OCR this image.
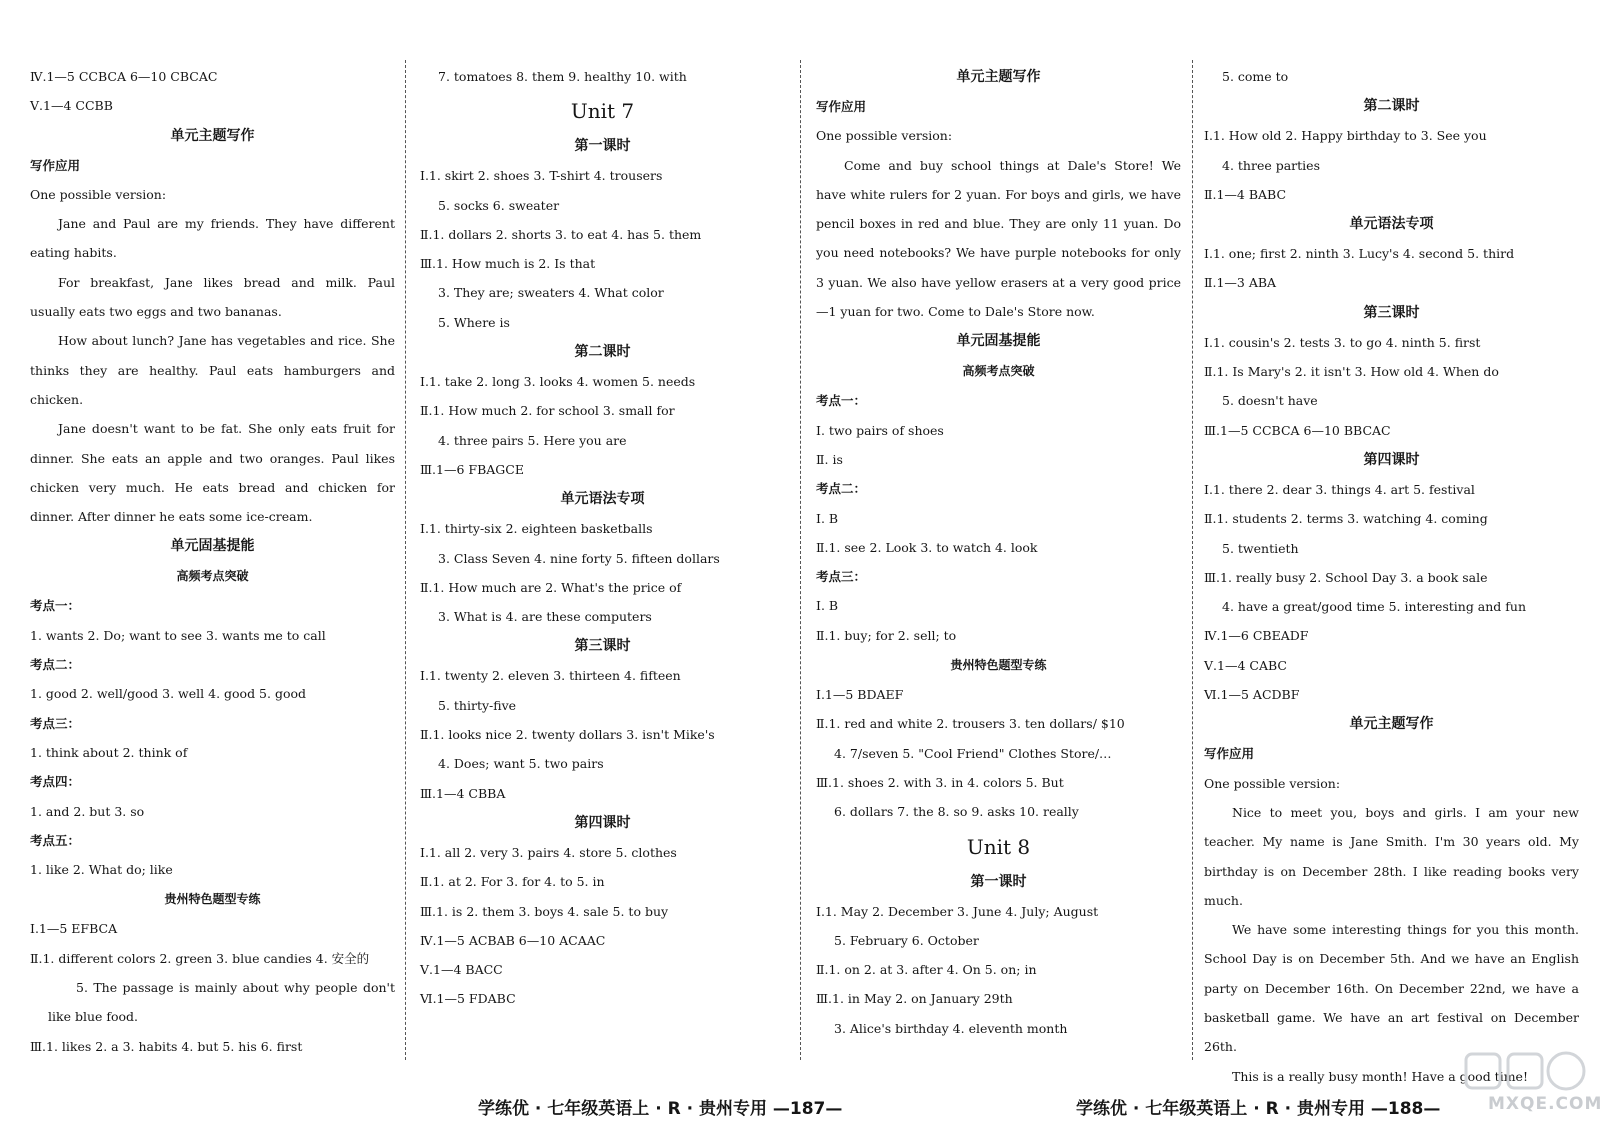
Ⅳ.1—5 CCBCA 6—10 CBCAC
Ⅴ.1—4 CCBB
单元主题写作
写作应用
One possible version:
Jane and Paul are my friends. They have different eating habits.
For breakfast, Jane likes bread and milk. Paul usually eats two eggs and two bananas.
How about lunch? Jane has vegetables and rice. She thinks they are healthy. Paul eats hamburgers and chicken.
Jane doesn't want to be fat. She only eats fruit for dinner. She eats an apple and two oranges. Paul likes chicken very much. He eats bread and chicken for dinner. After dinner he eats some ice-cream.
单元固基提能
高频考点突破
考点一：
1. wants 2. Do; want to see 3. wants me to call
考点二：
1. good 2. well/good 3. well 4. good 5. good
考点三：
1. think about 2. think of
考点四：
1. and 2. but 3. so
考点五：
1. like 2. What do; like
贵州特色题型专练
Ⅰ.1—5 EFBCA
Ⅱ.1. different colors 2. green 3. blue candies 4. 安全的
5. The passage is mainly about why people don't like blue food.
Ⅲ.1. likes 2. a 3. habits 4. but 5. his 6. first
7. tomatoes 8. them 9. healthy 10. with
Unit 7
第一课时
Ⅰ.1. skirt 2. shoes 3. T-shirt 4. trousers
5. socks 6. sweater
Ⅱ.1. dollars 2. shorts 3. to eat 4. has 5. them
Ⅲ.1. How much is 2. Is that
3. They are; sweaters 4. What color
5. Where is
第二课时
Ⅰ.1. take 2. long 3. looks 4. women 5. needs
Ⅱ.1. How much 2. for school 3. small for
4. three pairs 5. Here you are
Ⅲ.1—6 FBAGCE
单元语法专项
Ⅰ.1. thirty-six 2. eighteen basketballs
3. Class Seven 4. nine forty 5. fifteen dollars
Ⅱ.1. How much are 2. What's the price of
3. What is 4. are these computers
第三课时
Ⅰ.1. twenty 2. eleven 3. thirteen 4. fifteen
5. thirty-five
Ⅱ.1. looks nice 2. twenty dollars 3. isn't Mike's
4. Does; want 5. two pairs
Ⅲ.1—4 CBBA
第四课时
Ⅰ.1. all 2. very 3. pairs 4. store 5. clothes
Ⅱ.1. at 2. For 3. for 4. to 5. in
Ⅲ.1. is 2. them 3. boys 4. sale 5. to buy
Ⅳ.1—5 ACBAB 6—10 ACAAC
Ⅴ.1—4 BACC
Ⅵ.1—5 FDABC
单元主题写作
写作应用
One possible version:
Come and buy school things at Dale's Store! We have white rulers for 2 yuan. For boys and girls, we have pencil boxes in red and blue. They are only 11 yuan. Do you need notebooks? We have purple notebooks for only 3 yuan. We also have yellow erasers at a very good price—1 yuan for two. Come to Dale's Store now.
单元固基提能
高频考点突破
考点一：
Ⅰ. two pairs of shoes
Ⅱ. is
考点二：
Ⅰ. B
Ⅱ.1. see 2. Look 3. to watch 4. look
考点三：
Ⅰ. B
Ⅱ.1. buy; for 2. sell; to
贵州特色题型专练
Ⅰ.1—5 BDAEF
Ⅱ.1. red and white 2. trousers 3. ten dollars/ $10
4. 7/seven 5. "Cool Friend" Clothes Store/…
Ⅲ.1. shoes 2. with 3. in 4. colors 5. But
6. dollars 7. the 8. so 9. asks 10. really
Unit 8
第一课时
Ⅰ.1. May 2. December 3. June 4. July; August
5. February 6. October
Ⅱ.1. on 2. at 3. after 4. On 5. on; in
Ⅲ.1. in May 2. on January 29th
3. Alice's birthday 4. eleventh month
5. come to
第二课时
Ⅰ.1. How old 2. Happy birthday to 3. See you
4. three parties
Ⅱ.1—4 BABC
单元语法专项
Ⅰ.1. one; first 2. ninth 3. Lucy's 4. second 5. third
Ⅱ.1—3 ABA
第三课时
Ⅰ.1. cousin's 2. tests 3. to go 4. ninth 5. first
Ⅱ.1. Is Mary's 2. it isn't 3. How old 4. When do
5. doesn't have
Ⅲ.1—5 CCBCA 6—10 BBCAC
第四课时
Ⅰ.1. there 2. dear 3. things 4. art 5. festival
Ⅱ.1. students 2. terms 3. watching 4. coming
5. twentieth
Ⅲ.1. really busy 2. School Day 3. a book sale
4. have a great/good time 5. interesting and fun
Ⅳ.1—6 CBEADF
Ⅴ.1—4 CABC
Ⅵ.1—5 ACDBF
单元主题写作
写作应用
One possible version:
Nice to meet you, boys and girls. I am your new teacher. My name is Jane Smith. I'm 30 years old. My birthday is on December 28th. I like reading books very much.
We have some interesting things for you this month. School Day is on December 5th. And we have an English party on December 16th. On December 22nd, we have a basketball game. We have an art festival on December 26th.
This is a really busy month! Have a good time!
学练优 · 七年级英语上 · R · 贵州专用 —187—	学练优 · 七年级英语上 · R · 贵州专用 —188—	MXQE.COM
